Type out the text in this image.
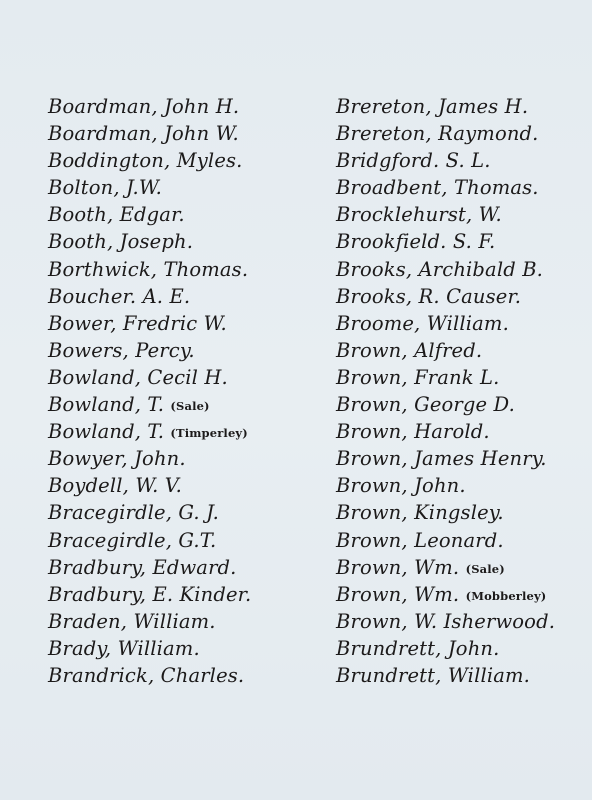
Boardman, John H.
Boardman, John W.
Boddington, Myles.
Bolton, J.W.
Booth, Edgar.
Booth, Joseph.
Borthwick, Thomas.
Boucher. A. E.
Bower, Fredric W.
Bowers, Percy.
Bowland, Cecil H.
Bowland, T. (Sale)
Bowland, T. (Timperley)
Bowyer, John.
Boydell, W. V.
Bracegirdle, G. J.
Bracegirdle, G.T.
Bradbury, Edward.
Bradbury, E. Kinder.
Braden, William.
Brady, William.
Brandrick, Charles.
Brereton, James H.
Brereton, Raymond.
Bridgford. S. L.
Broadbent, Thomas.
Brocklehurst, W.
Brookfield. S. F.
Brooks, Archibald B.
Brooks, R. Causer.
Broome, William.
Brown, Alfred.
Brown, Frank L.
Brown, George D.
Brown, Harold.
Brown, James Henry.
Brown, John.
Brown, Kingsley.
Brown, Leonard.
Brown, Wm. (Sale)
Brown, Wm. (Mobberley)
Brown, W. Isherwood.
Brundrett, John.
Brundrett, William.
